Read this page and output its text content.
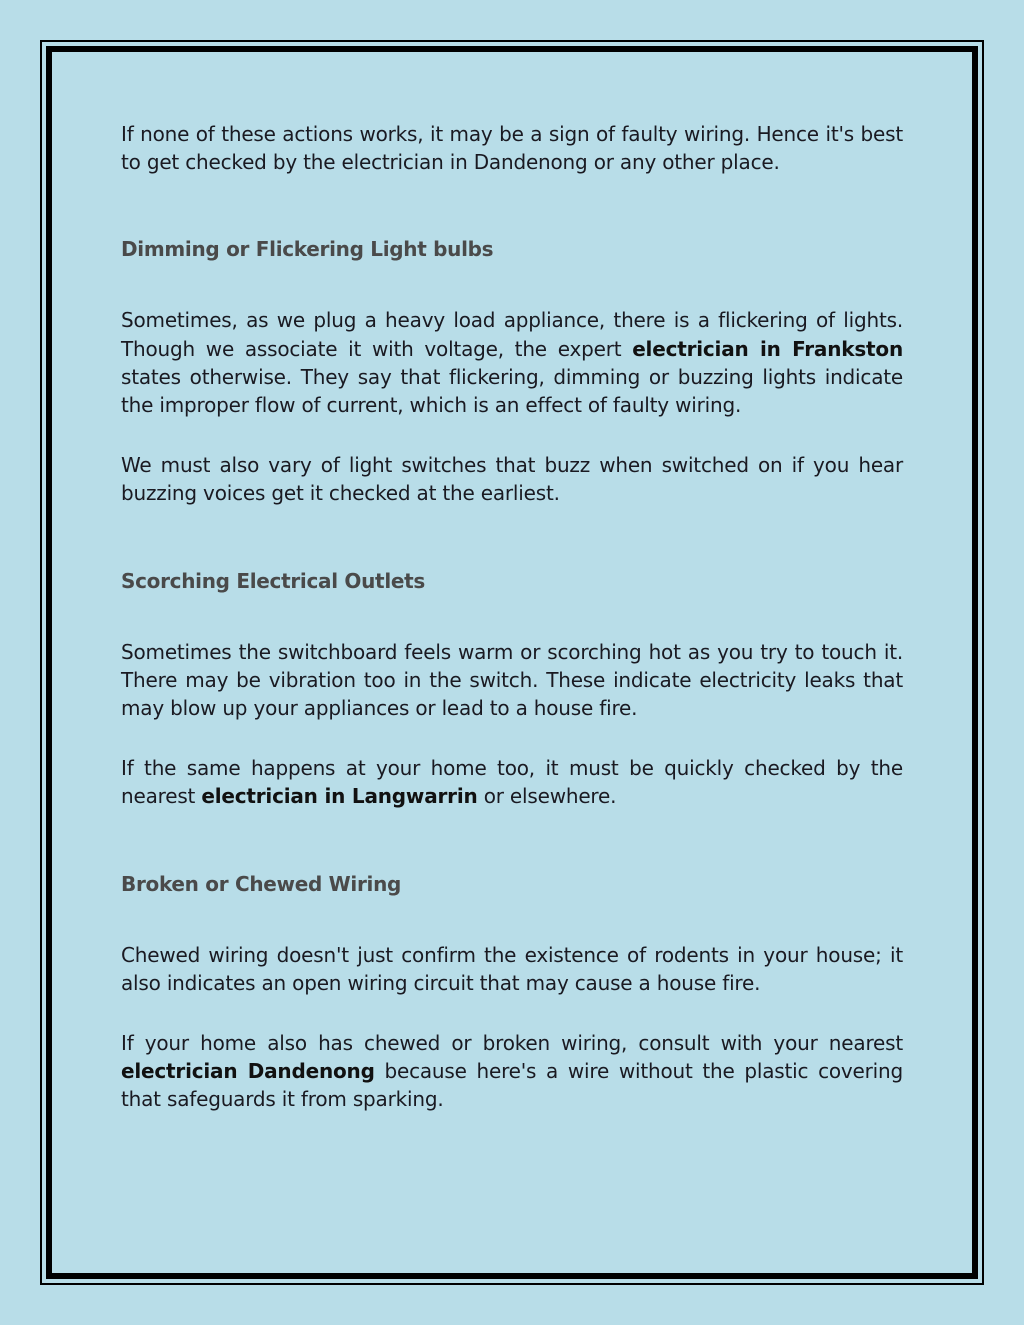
If none of these actions works, it may be a sign of faulty wiring. Hence it's best to get checked by the electrician in Dandenong or any other place.

Dimming or Flickering Light bulbs

Sometimes, as we plug a heavy load appliance, there is a flickering of lights. Though we associate it with voltage, the expert electrician in Frankston states otherwise. They say that flickering, dimming or buzzing lights indicate the improper flow of current, which is an effect of faulty wiring.

We must also vary of light switches that buzz when switched on if you hear buzzing voices get it checked at the earliest.

Scorching Electrical Outlets

Sometimes the switchboard feels warm or scorching hot as you try to touch it. There may be vibration too in the switch. These indicate electricity leaks that may blow up your appliances or lead to a house fire.

If the same happens at your home too, it must be quickly checked by the nearest electrician in Langwarrin or elsewhere.

Broken or Chewed Wiring

Chewed wiring doesn't just confirm the existence of rodents in your house; it also indicates an open wiring circuit that may cause a house fire.

If your home also has chewed or broken wiring, consult with your nearest electrician Dandenong because here's a wire without the plastic covering that safeguards it from sparking.
